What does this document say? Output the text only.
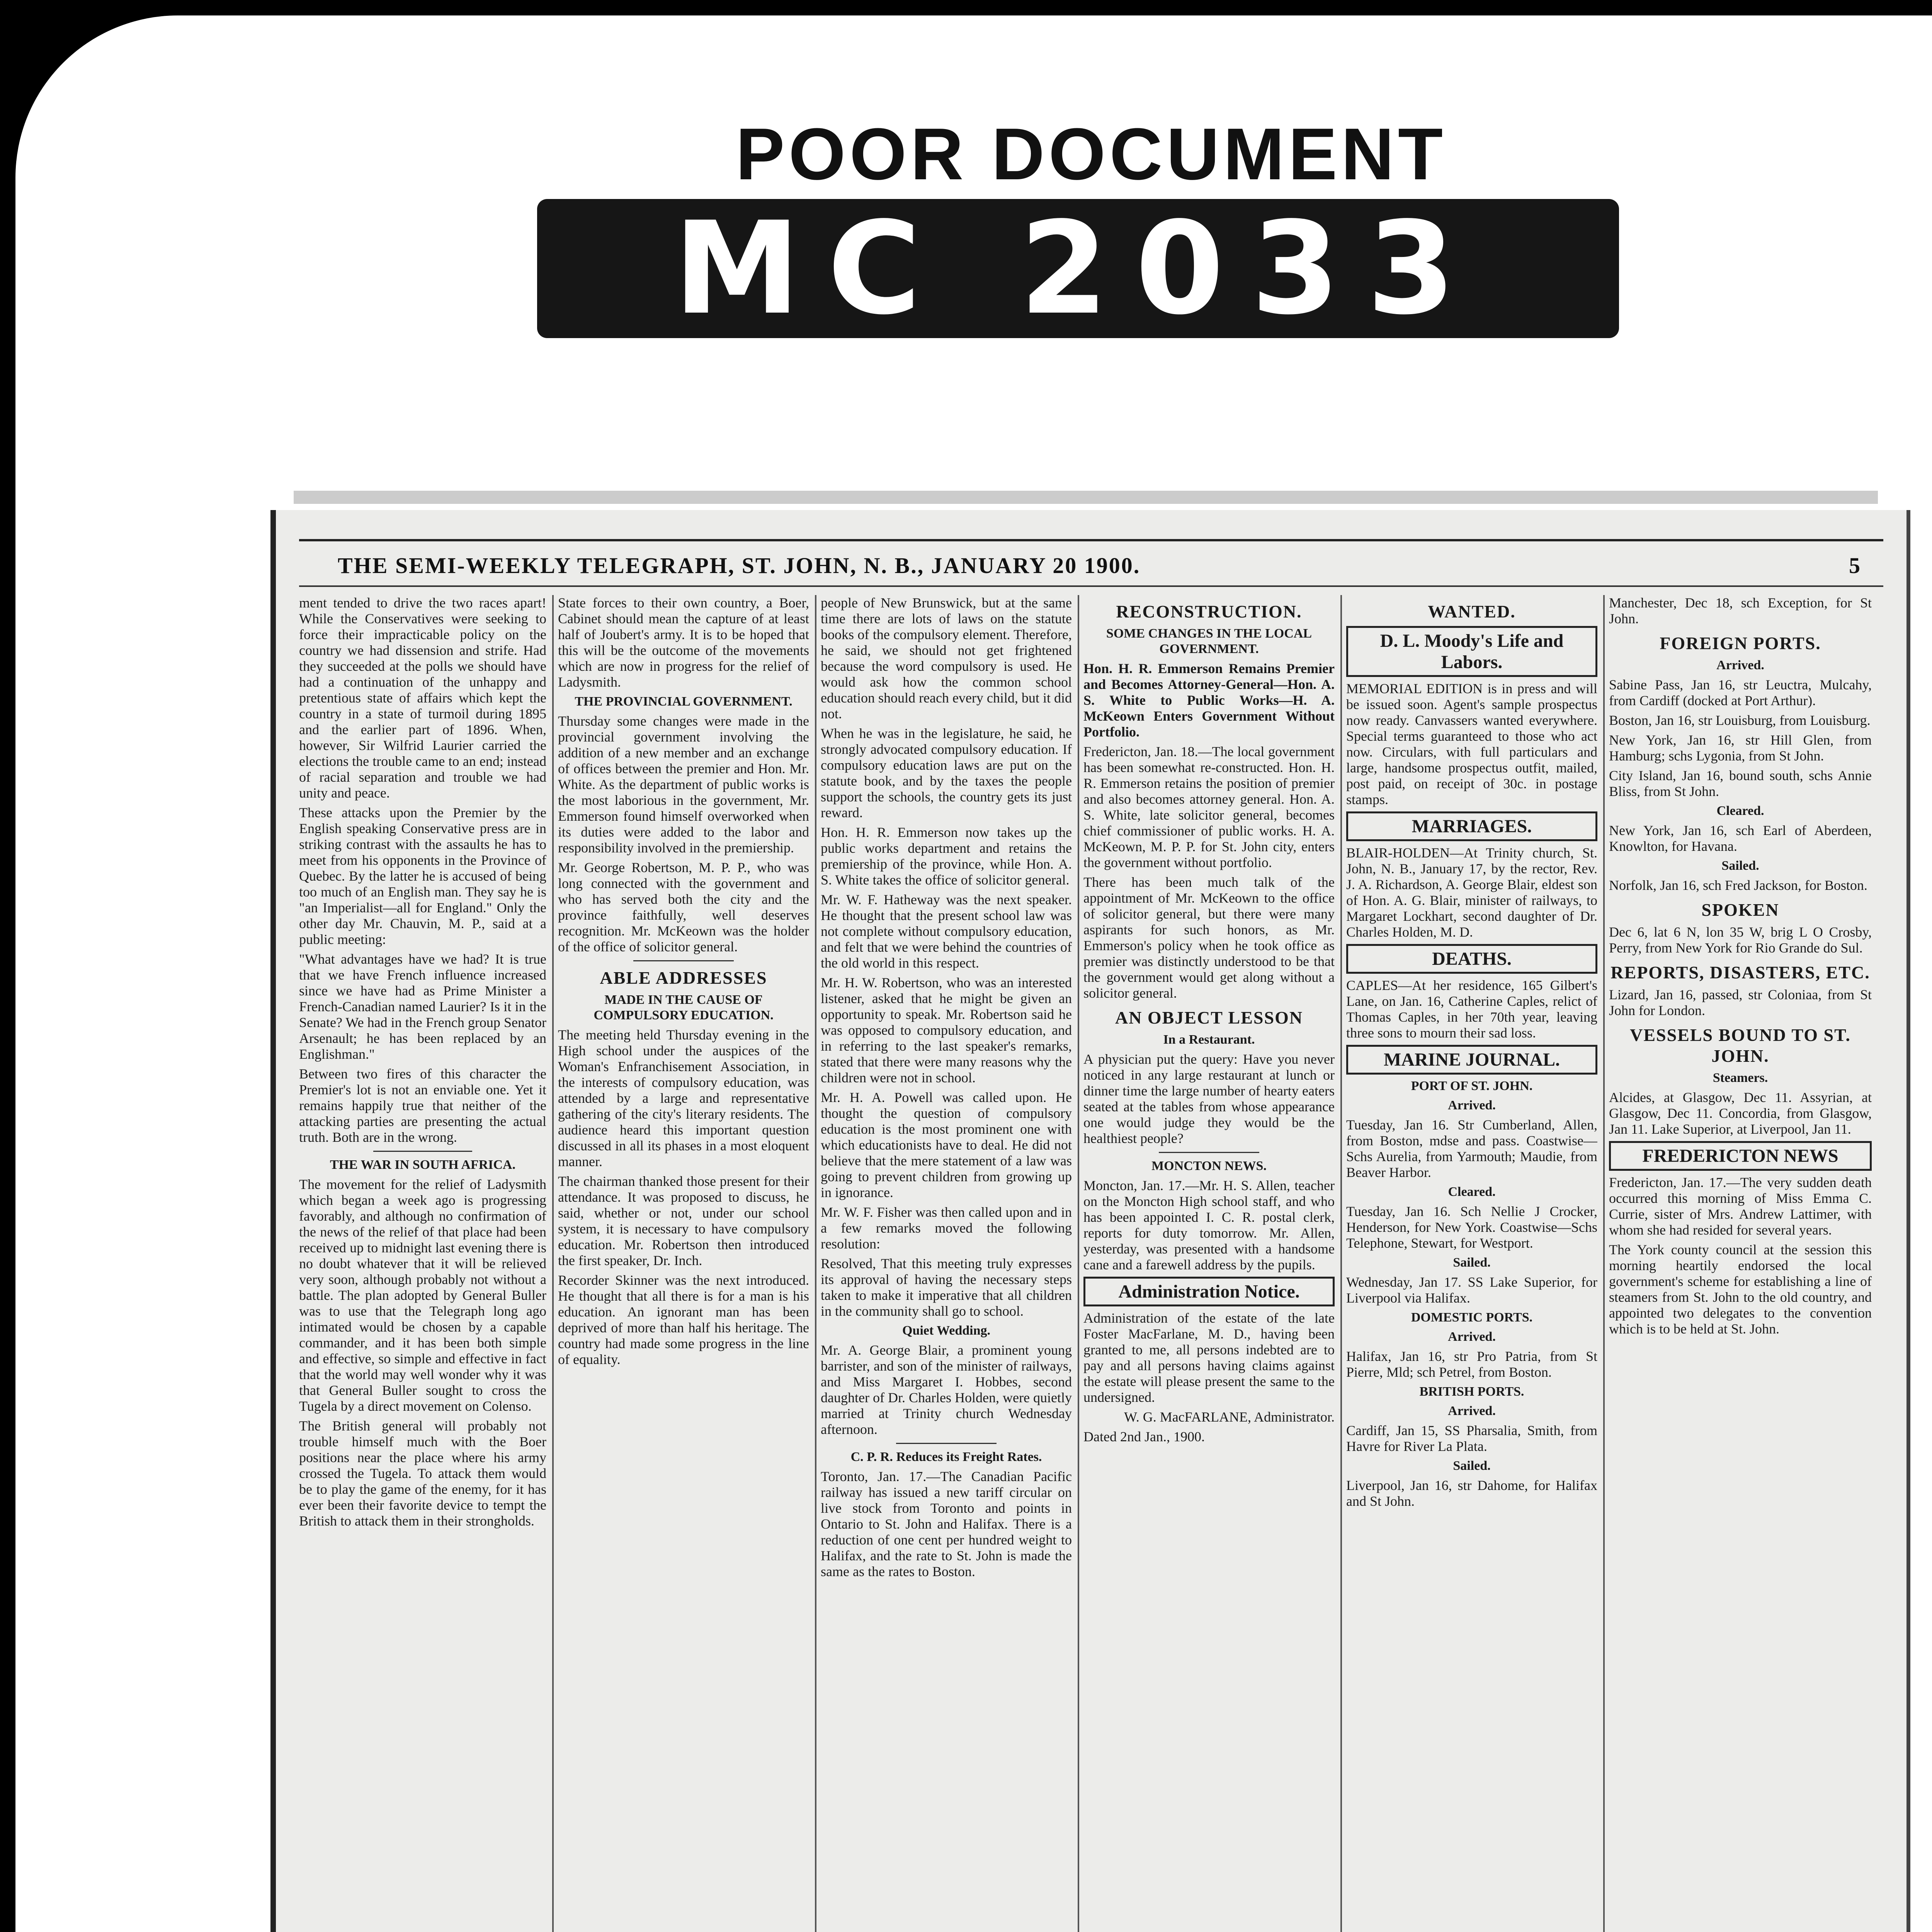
POOR DOCUMENT
MC 2033
THE SEMI-WEEKLY TELEGRAPH, ST. JOHN, N. B., JANUARY 20 1900.	5

ment tended to drive the two races apart! While the Conservatives were seeking to force their impracticable policy on the country we had dissension and strife. Had they succeeded at the polls we should have had a continuation of the unhappy and pretentious state of affairs which kept the country in a state of turmoil during 1895 and the earlier part of 1896. When, however, Sir Wilfrid Laurier carried the elections the trouble came to an end; instead of racial separation and trouble we had unity and peace.

These attacks upon the Premier by the English speaking Conservative press are in striking contrast with the assaults he has to meet from his opponents in the Province of Quebec. By the latter he is accused of being too much of an English man. They say he is "an Imperialist—all for England." Only the other day Mr. Chauvin, M. P., said at a public meeting:

"What advantages have we had? It is true that we have French influence increased since we have had as Prime Minister a French-Canadian named Laurier? Is it in the Senate? We had in the French group Senator Arsenault; he has been replaced by an Englishman."

Between two fires of this character the Premier's lot is not an enviable one. Yet it remains happily true that neither of the attacking parties are presenting the actual truth. Both are in the wrong.

THE WAR IN SOUTH AFRICA.

The movement for the relief of Ladysmith which began a week ago is progressing favorably, and although no confirmation of the news of the relief of that place had been received up to midnight last evening there is no doubt whatever that it will be relieved very soon, although probably not without a battle. The plan adopted by General Buller was to use that the Telegraph long ago intimated would be chosen by a capable commander, and it has been both simple and effective, so simple and effective in fact that the world may well wonder why it was that General Buller sought to cross the Tugela by a direct movement on Colenso.

The British general will probably not trouble himself much with the Boer positions near the place where his army crossed the Tugela. To attack them would be to play the game of the enemy, for it has ever been their favorite device to tempt the British to attack them in their strongholds.

State forces to their own country, a Boer, Cabinet should mean the capture of at least half of Joubert's army. It is to be hoped that this will be the outcome of the movements which are now in progress for the relief of Ladysmith.

THE PROVINCIAL GOVERNMENT.

Thursday some changes were made in the provincial government involving the addition of a new member and an exchange of offices between the premier and Hon. Mr. White. As the department of public works is the most laborious in the government, Mr. Emmerson found himself overworked when its duties were added to the labor and responsibility involved in the premiership.

Mr. George Robertson, M. P. P., who was long connected with the government and who has served both the city and the province faithfully, well deserves recognition. Mr. McKeown was the holder of the office of solicitor general.

ABLE ADDRESSES
MADE IN THE CAUSE OF COMPULSORY EDUCATION.

The meeting held Thursday evening in the High school under the auspices of the Woman's Enfranchisement Association, in the interests of compulsory education, was attended by a large and representative gathering of the city's literary residents. The audience heard this important question discussed in all its phases in a most eloquent manner.

The chairman thanked those present for their attendance. It was proposed to discuss, he said, whether or not, under our school system, it is necessary to have compulsory education. Mr. Robertson then introduced the first speaker, Dr. Inch.

Recorder Skinner was the next introduced. He thought that all there is for a man is his education. An ignorant man has been deprived of more than half his heritage. The country had made some progress in the line of equality.

people of New Brunswick, but at the same time there are lots of laws on the statute books of the compulsory element. Therefore, he said, we should not get frightened because the word compulsory is used. He would ask how the common school education should reach every child, but it did not.

When he was in the legislature, he said, he strongly advocated compulsory education. If compulsory education laws are put on the statute book, and by the taxes the people support the schools, the country gets its just reward.

Hon. H. R. Emmerson now takes up the public works department and retains the premiership of the province, while Hon. A. S. White takes the office of solicitor general.

Mr. W. F. Hatheway was the next speaker. He thought that the present school law was not complete without compulsory education, and felt that we were behind the countries of the old world in this respect.

Mr. H. W. Robertson, who was an interested listener, asked that he might be given an opportunity to speak. Mr. Robertson said he was opposed to compulsory education, and in referring to the last speaker's remarks, stated that there were many reasons why the children were not in school.

Mr. H. A. Powell was called upon. He thought the question of compulsory education is the most prominent one with which educationists have to deal. He did not believe that the mere statement of a law was going to prevent children from growing up in ignorance.

Mr. W. F. Fisher was then called upon and in a few remarks moved the following resolution:

Resolved, That this meeting truly expresses its approval of having the necessary steps taken to make it imperative that all children in the community shall go to school.

Quiet Wedding.

Mr. A. George Blair, a prominent young barrister, and son of the minister of railways, and Miss Margaret I. Hobbes, second daughter of Dr. Charles Holden, were quietly married at Trinity church Wednesday afternoon.

C. P. R. Reduces its Freight Rates.

Toronto, Jan. 17.—The Canadian Pacific railway has issued a new tariff circular on live stock from Toronto and points in Ontario to St. John and Halifax. There is a reduction of one cent per hundred weight to Halifax, and the rate to St. John is made the same as the rates to Boston.

RECONSTRUCTION.
SOME CHANGES IN THE LOCAL GOVERNMENT.

Hon. H. R. Emmerson Remains Premier and Becomes Attorney-General—Hon. A. S. White to Public Works—H. A. McKeown Enters Government Without Portfolio.

Fredericton, Jan. 18.—The local government has been somewhat re-constructed. Hon. H. R. Emmerson retains the position of premier and also becomes attorney general. Hon. A. S. White, late solicitor general, becomes chief commissioner of public works. H. A. McKeown, M. P. P. for St. John city, enters the government without portfolio.

There has been much talk of the appointment of Mr. McKeown to the office of solicitor general, but there were many aspirants for such honors, as Mr. Emmerson's policy when he took office as premier was distinctly understood to be that the government would get along without a solicitor general.

AN OBJECT LESSON
In a Restaurant.

A physician put the query: Have you never noticed in any large restaurant at lunch or dinner time the large number of hearty eaters seated at the tables from whose appearance one would judge they would be the healthiest people?

MONCTON NEWS.

Moncton, Jan. 17.—Mr. H. S. Allen, teacher on the Moncton High school staff, and who has been appointed I. C. R. postal clerk, reports for duty tomorrow. Mr. Allen, yesterday, was presented with a handsome cane and a farewell address by the pupils.

Administration Notice.

Administration of the estate of the late Foster MacFarlane, M. D., having been granted to me, all persons indebted are to pay and all persons having claims against the estate will please present the same to the undersigned.

W. G. MacFARLANE, Administrator.

Dated 2nd Jan., 1900.

WANTED.
D. L. Moody's Life and Labors.

MEMORIAL EDITION is in press and will be issued soon. Agent's sample prospectus now ready. Canvassers wanted everywhere. Special terms guaranteed to those who act now. Circulars, with full particulars and large, handsome prospectus outfit, mailed, post paid, on receipt of 30c. in postage stamps.

MARRIAGES.

BLAIR-HOLDEN—At Trinity church, St. John, N. B., January 17, by the rector, Rev. J. A. Richardson, A. George Blair, eldest son of Hon. A. G. Blair, minister of railways, to Margaret Lockhart, second daughter of Dr. Charles Holden, M. D.

DEATHS.

CAPLES—At her residence, 165 Gilbert's Lane, on Jan. 16, Catherine Caples, relict of Thomas Caples, in her 70th year, leaving three sons to mourn their sad loss.

MARINE JOURNAL.
PORT OF ST. JOHN.
Arrived.

Tuesday, Jan 16. Str Cumberland, Allen, from Boston, mdse and pass. Coastwise—Schs Aurelia, from Yarmouth; Maudie, from Beaver Harbor.

Cleared.

Tuesday, Jan 16. Sch Nellie J Crocker, Henderson, for New York. Coastwise—Schs Telephone, Stewart, for Westport.

Sailed.

Wednesday, Jan 17. SS Lake Superior, for Liverpool via Halifax.

DOMESTIC PORTS.
Arrived.

Halifax, Jan 16, str Pro Patria, from St Pierre, Mld; sch Petrel, from Boston.

BRITISH PORTS.
Arrived.

Cardiff, Jan 15, SS Pharsalia, Smith, from Havre for River La Plata.

Sailed.

Liverpool, Jan 16, str Dahome, for Halifax and St John.

Manchester, Dec 18, sch Exception, for St John.

FOREIGN PORTS.
Arrived.

Sabine Pass, Jan 16, str Leuctra, Mulcahy, from Cardiff (docked at Port Arthur).

Boston, Jan 16, str Louisburg, from Louisburg.

New York, Jan 16, str Hill Glen, from Hamburg; schs Lygonia, from St John.

City Island, Jan 16, bound south, schs Annie Bliss, from St John.

Cleared.

New York, Jan 16, sch Earl of Aberdeen, Knowlton, for Havana.

Sailed.

Norfolk, Jan 16, sch Fred Jackson, for Boston.

SPOKEN

Dec 6, lat 6 N, lon 35 W, brig L O Crosby, Perry, from New York for Rio Grande do Sul.

REPORTS, DISASTERS, ETC.

Lizard, Jan 16, passed, str Coloniaa, from St John for London.

VESSELS BOUND TO ST. JOHN.
Steamers.

Alcides, at Glasgow, Dec 11. Assyrian, at Glasgow, Dec 11. Concordia, from Glasgow, Jan 11. Lake Superior, at Liverpool, Jan 11.

FREDERICTON NEWS

Fredericton, Jan. 17.—The very sudden death occurred this morning of Miss Emma C. Currie, sister of Mrs. Andrew Lattimer, with whom she had resided for several years.

The York county council at the session this morning heartily endorsed the local government's scheme for establishing a line of steamers from St. John to the old country, and appointed two delegates to the convention which is to be held at St. John.
